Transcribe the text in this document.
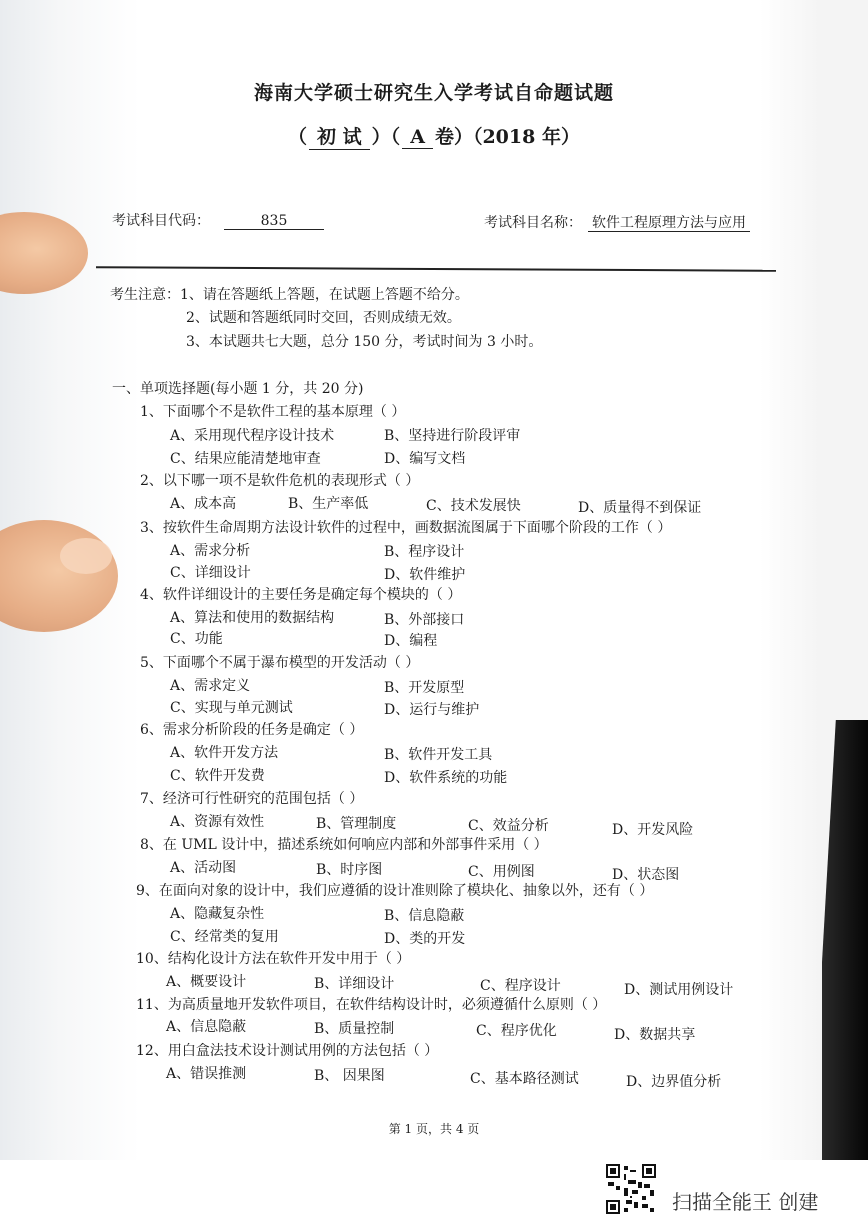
海南大学硕士研究生入学考试自命题试题
（ 初 试 ）（ A 卷）（2018 年）
考试科目代码：	835	考试科目名称： 软件工程原理方法与应用
考生注意：1、请在答题纸上答题，在试题上答题不给分。
2、试题和答题纸同时交回，否则成绩无效。
3、本试题共七大题，总分 150 分，考试时间为 3 小时。
一、单项选择题(每小题 1 分，共 20 分)
1、下面哪个不是软件工程的基本原理（ ）
A、采用现代程序设计技术	B、坚持进行阶段评审
C、结果应能清楚地审查	D、编写文档
2、以下哪一项不是软件危机的表现形式（ ）
A、成本高	B、生产率低	C、技术发展快	D、质量得不到保证
3、按软件生命周期方法设计软件的过程中，画数据流图属于下面哪个阶段的工作（ ）
A、需求分析	B、程序设计
C、详细设计	D、软件维护
4、软件详细设计的主要任务是确定每个模块的（ ）
A、算法和使用的数据结构	B、外部接口
C、功能	D、编程
5、下面哪个不属于瀑布模型的开发活动（ ）
A、需求定义	B、开发原型
C、实现与单元测试	D、运行与维护
6、需求分析阶段的任务是确定（ ）
A、软件开发方法	B、软件开发工具
C、软件开发费	D、软件系统的功能
7、经济可行性研究的范围包括（ ）
A、资源有效性	B、管理制度	C、效益分析	D、开发风险
8、在 UML 设计中，描述系统如何响应内部和外部事件采用（ ）
A、活动图	B、时序图	C、用例图	D、状态图
9、在面向对象的设计中，我们应遵循的设计准则除了模块化、抽象以外，还有（ ）
A、隐藏复杂性	B、信息隐蔽
C、经常类的复用	D、类的开发
10、结构化设计方法在软件开发中用于（ ）
A、概要设计	B、详细设计	C、程序设计	D、测试用例设计
11、为高质量地开发软件项目，在软件结构设计时，必须遵循什么原则（ ）
A、信息隐蔽	B、质量控制	C、程序优化	D、数据共享
12、用白盒法技术设计测试用例的方法包括（ ）
A、错误推测	B、 因果图	C、基本路径测试	D、边界值分析
第 1 页，共 4 页
扫描全能王 创建
